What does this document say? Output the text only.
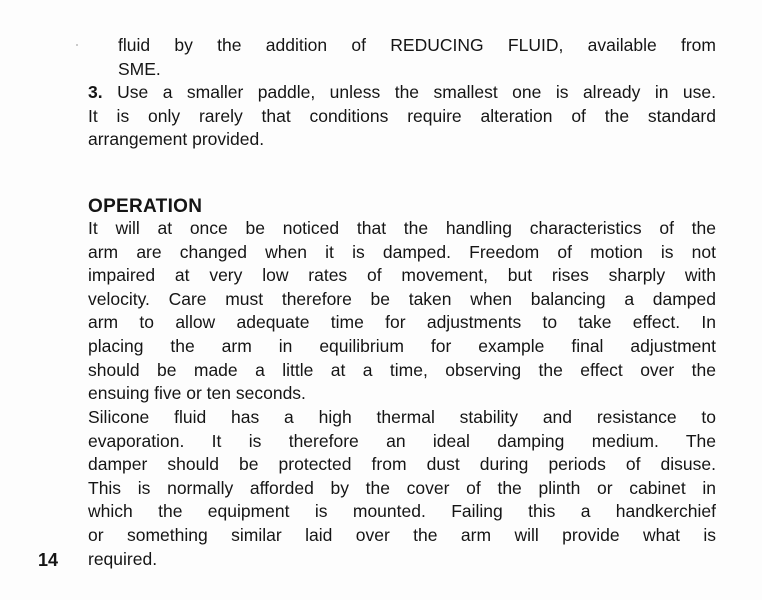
fluid by the addition of REDUCING FLUID, available from
SME.
3. Use a smaller paddle, unless the smallest one is already in use.
It is only rarely that conditions require alteration of the standard
arrangement provided.
OPERATION
It will at once be noticed that the handling characteristics of the
arm are changed when it is damped. Freedom of motion is not
impaired at very low rates of movement, but rises sharply with
velocity. Care must therefore be taken when balancing a damped
arm to allow adequate time for adjustments to take effect. In
placing the arm in equilibrium for example final adjustment
should be made a little at a time, observing the effect over the
ensuing five or ten seconds.
Silicone fluid has a high thermal stability and resistance to
evaporation. It is therefore an ideal damping medium. The
damper should be protected from dust during periods of disuse.
This is normally afforded by the cover of the plinth or cabinet in
which the equipment is mounted. Failing this a handkerchief
or something similar laid over the arm will provide what is
required.
14
